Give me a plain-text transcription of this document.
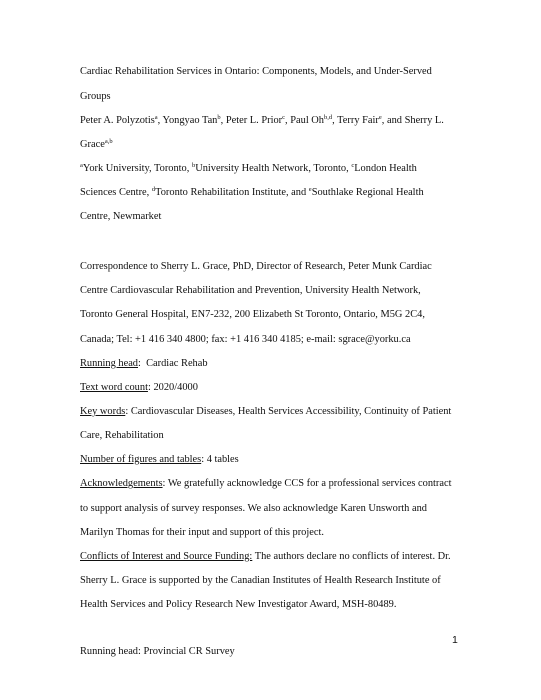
Cardiac Rehabilitation Services in Ontario: Components, Models, and Under-Served
Groups
Peter A. Polyzotis$^a$, Yongyao Tan$^b$, Peter L. Prior$^c$, Paul Oh$^{b,d}$, Terry Fair$^e$, and Sherry L.
Grace$^{a,b}$
$^a$York University, Toronto, $^b$University Health Network, Toronto, $^c$London Health
Sciences Centre, $^d$Toronto Rehabilitation Institute, and $^e$Southlake Regional Health
Centre, Newmarket
Correspondence to Sherry L. Grace, PhD, Director of Research, Peter Munk Cardiac
Centre Cardiovascular Rehabilitation and Prevention, University Health Network,
Toronto General Hospital, EN7-232, 200 Elizabeth St Toronto, Ontario, M5G 2C4,
Canada; Tel: +1 416 340 4800; fax: +1 416 340 4185; e-mail: sgrace@yorku.ca
Running head:  Cardiac Rehab
Text word count: 2020/4000
Key words: Cardiovascular Diseases, Health Services Accessibility, Continuity of Patient
Care, Rehabilitation
Number of figures and tables: 4 tables
Acknowledgements: We gratefully acknowledge CCS for a professional services contract
to support analysis of survey responses. We also acknowledge Karen Unsworth and
Marilyn Thomas for their input and support of this project.
Conflicts of Interest and Source Funding: The authors declare no conflicts of interest. Dr.
Sherry L. Grace is supported by the Canadian Institutes of Health Research Institute of
Health Services and Policy Research New Investigator Award, MSH-80489.
1
Running head: Provincial CR Survey
